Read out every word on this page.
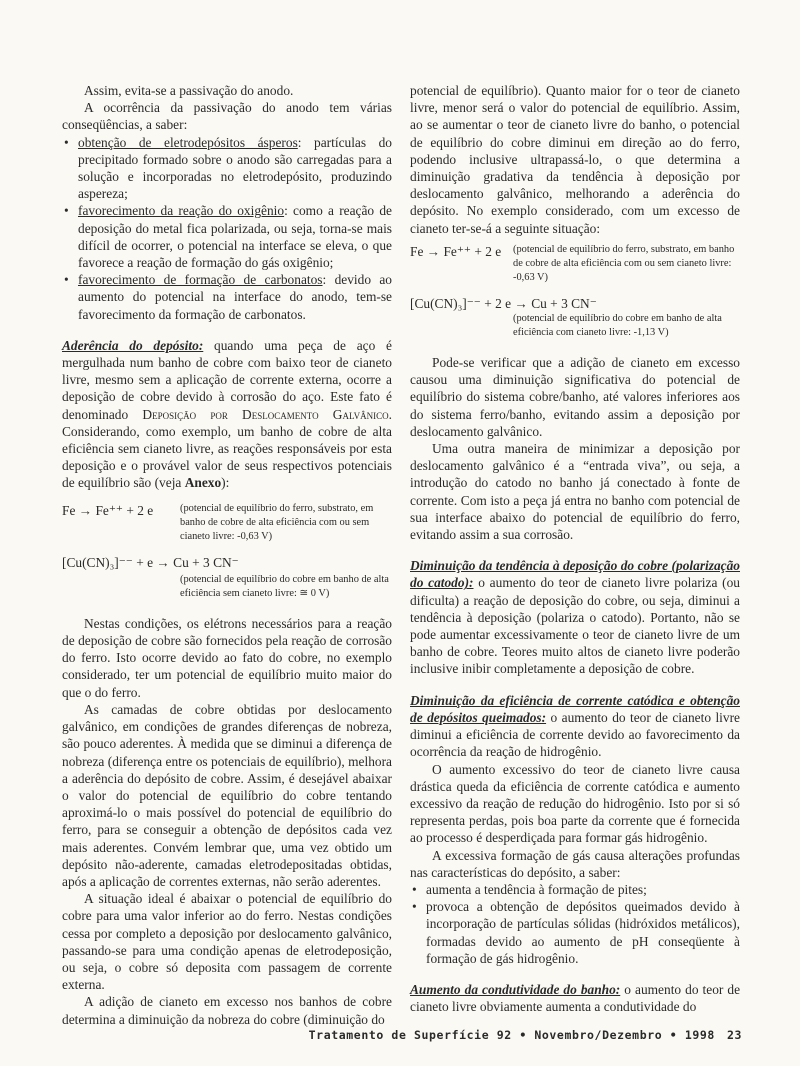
Assim, evita-se a passivação do anodo.

A ocorrência da passivação do anodo tem várias conseqüências, a saber:

• obtenção de eletrodepósitos ásperos: partículas do precipitado formado sobre o anodo são carregadas para a solução e incorporadas no eletrodepósito, produzindo aspereza;
• favorecimento da reação do oxigênio: como a reação de deposição do metal fica polarizada, ou seja, torna-se mais difícil de ocorrer, o potencial na interface se eleva, o que favorece a reação de formação do gás oxigênio;
• favorecimento de formação de carbonatos: devido ao aumento do potencial na interface do anodo, tem-se favorecimento da formação de carbonatos.

Aderência do depósito: quando uma peça de aço é mergulhada num banho de cobre com baixo teor de cianeto livre, mesmo sem a aplicação de corrente externa, ocorre a deposição de cobre devido à corrosão do aço. Este fato é denominado Deposição por Deslocamento Galvânico. Considerando, como exemplo, um banho de cobre de alta eficiência sem cianeto livre, as reações responsáveis por esta deposição e o provável valor de seus respectivos potenciais de equilíbrio são (veja Anexo):

Fe → Fe⁺⁺ + 2 e	(potencial de equilíbrio do ferro, substrato, em banho de cobre de alta eficiência com ou sem cianeto livre: -0,63 V)
[Cu(CN)₃]⁻⁻ + e → Cu + 3 CN⁻
(potencial de equilíbrio do cobre em banho de alta eficiência sem cianeto livre: ≅ 0 V)

Nestas condições, os elétrons necessários para a reação de deposição de cobre são fornecidos pela reação de corrosão do ferro. Isto ocorre devido ao fato do cobre, no exemplo considerado, ter um potencial de equilíbrio muito maior do que o do ferro.

As camadas de cobre obtidas por deslocamento galvânico, em condições de grandes diferenças de nobreza, são pouco aderentes. À medida que se diminui a diferença de nobreza (diferença entre os potenciais de equilíbrio), melhora a aderência do depósito de cobre. Assim, é desejável abaixar o valor do potencial de equilíbrio do cobre tentando aproximá-lo o mais possível do potencial de equilíbrio do ferro, para se conseguir a obtenção de depósitos cada vez mais aderentes. Convém lembrar que, uma vez obtido um depósito não-aderente, camadas eletrodepositadas obtidas, após a aplicação de correntes externas, não serão aderentes.

A situação ideal é abaixar o potencial de equilíbrio do cobre para uma valor inferior ao do ferro. Nestas condições cessa por completo a deposição por deslocamento galvânico, passando-se para uma condição apenas de eletrodeposição, ou seja, o cobre só deposita com passagem de corrente externa.

A adição de cianeto em excesso nos banhos de cobre determina a diminuição da nobreza do cobre (diminuição do

potencial de equilíbrio). Quanto maior for o teor de cianeto livre, menor será o valor do potencial de equilíbrio. Assim, ao se aumentar o teor de cianeto livre do banho, o potencial de equilíbrio do cobre diminui em direção ao do ferro, podendo inclusive ultrapassá-lo, o que determina a diminuição gradativa da tendência à deposição por deslocamento galvânico, melhorando a aderência do depósito. No exemplo considerado, com um excesso de cianeto ter-se-á a seguinte situação:

Fe → Fe⁺⁺ + 2 e	(potencial de equilíbrio do ferro, substrato, em banho de cobre de alta eficiência com ou sem cianeto livre: -0,63 V)
[Cu(CN)₃]⁻⁻ + 2 e → Cu + 3 CN⁻
(potencial de equilíbrio do cobre em banho de alta eficiência com cianeto livre: -1,13 V)

Pode-se verificar que a adição de cianeto em excesso causou uma diminuição significativa do potencial de equilíbrio do sistema cobre/banho, até valores inferiores aos do sistema ferro/banho, evitando assim a deposição por deslocamento galvânico.

Uma outra maneira de minimizar a deposição por deslocamento galvânico é a “entrada viva”, ou seja, a introdução do catodo no banho já conectado à fonte de corrente. Com isto a peça já entra no banho com potencial de sua interface abaixo do potencial de equilíbrio do ferro, evitando assim a sua corrosão.

Diminuição da tendência à deposição do cobre (polarização do catodo): o aumento do teor de cianeto livre polariza (ou dificulta) a reação de deposição do cobre, ou seja, diminui a tendência à deposição (polariza o catodo). Portanto, não se pode aumentar excessivamente o teor de cianeto livre de um banho de cobre. Teores muito altos de cianeto livre poderão inclusive inibir completamente a deposição de cobre.

Diminuição da eficiência de corrente catódica e obtenção de depósitos queimados: o aumento do teor de cianeto livre diminui a eficiência de corrente devido ao favorecimento da ocorrência da reação de hidrogênio.

O aumento excessivo do teor de cianeto livre causa drástica queda da eficiência de corrente catódica e aumento excessivo da reação de redução do hidrogênio. Isto por si só representa perdas, pois boa parte da corrente que é fornecida ao processo é desperdiçada para formar gás hidrogênio.

A excessiva formação de gás causa alterações profundas nas características do depósito, a saber:

• aumenta a tendência à formação de pites;
• provoca a obtenção de depósitos queimados devido à incorporação de partículas sólidas (hidróxidos metálicos), formadas devido ao aumento de pH conseqüente à formação de gás hidrogênio.

Aumento da condutividade do banho: o aumento do teor de cianeto livre obviamente aumenta a condutividade do

Tratamento de Superfície 92 • Novembro/Dezembro • 1998 23
